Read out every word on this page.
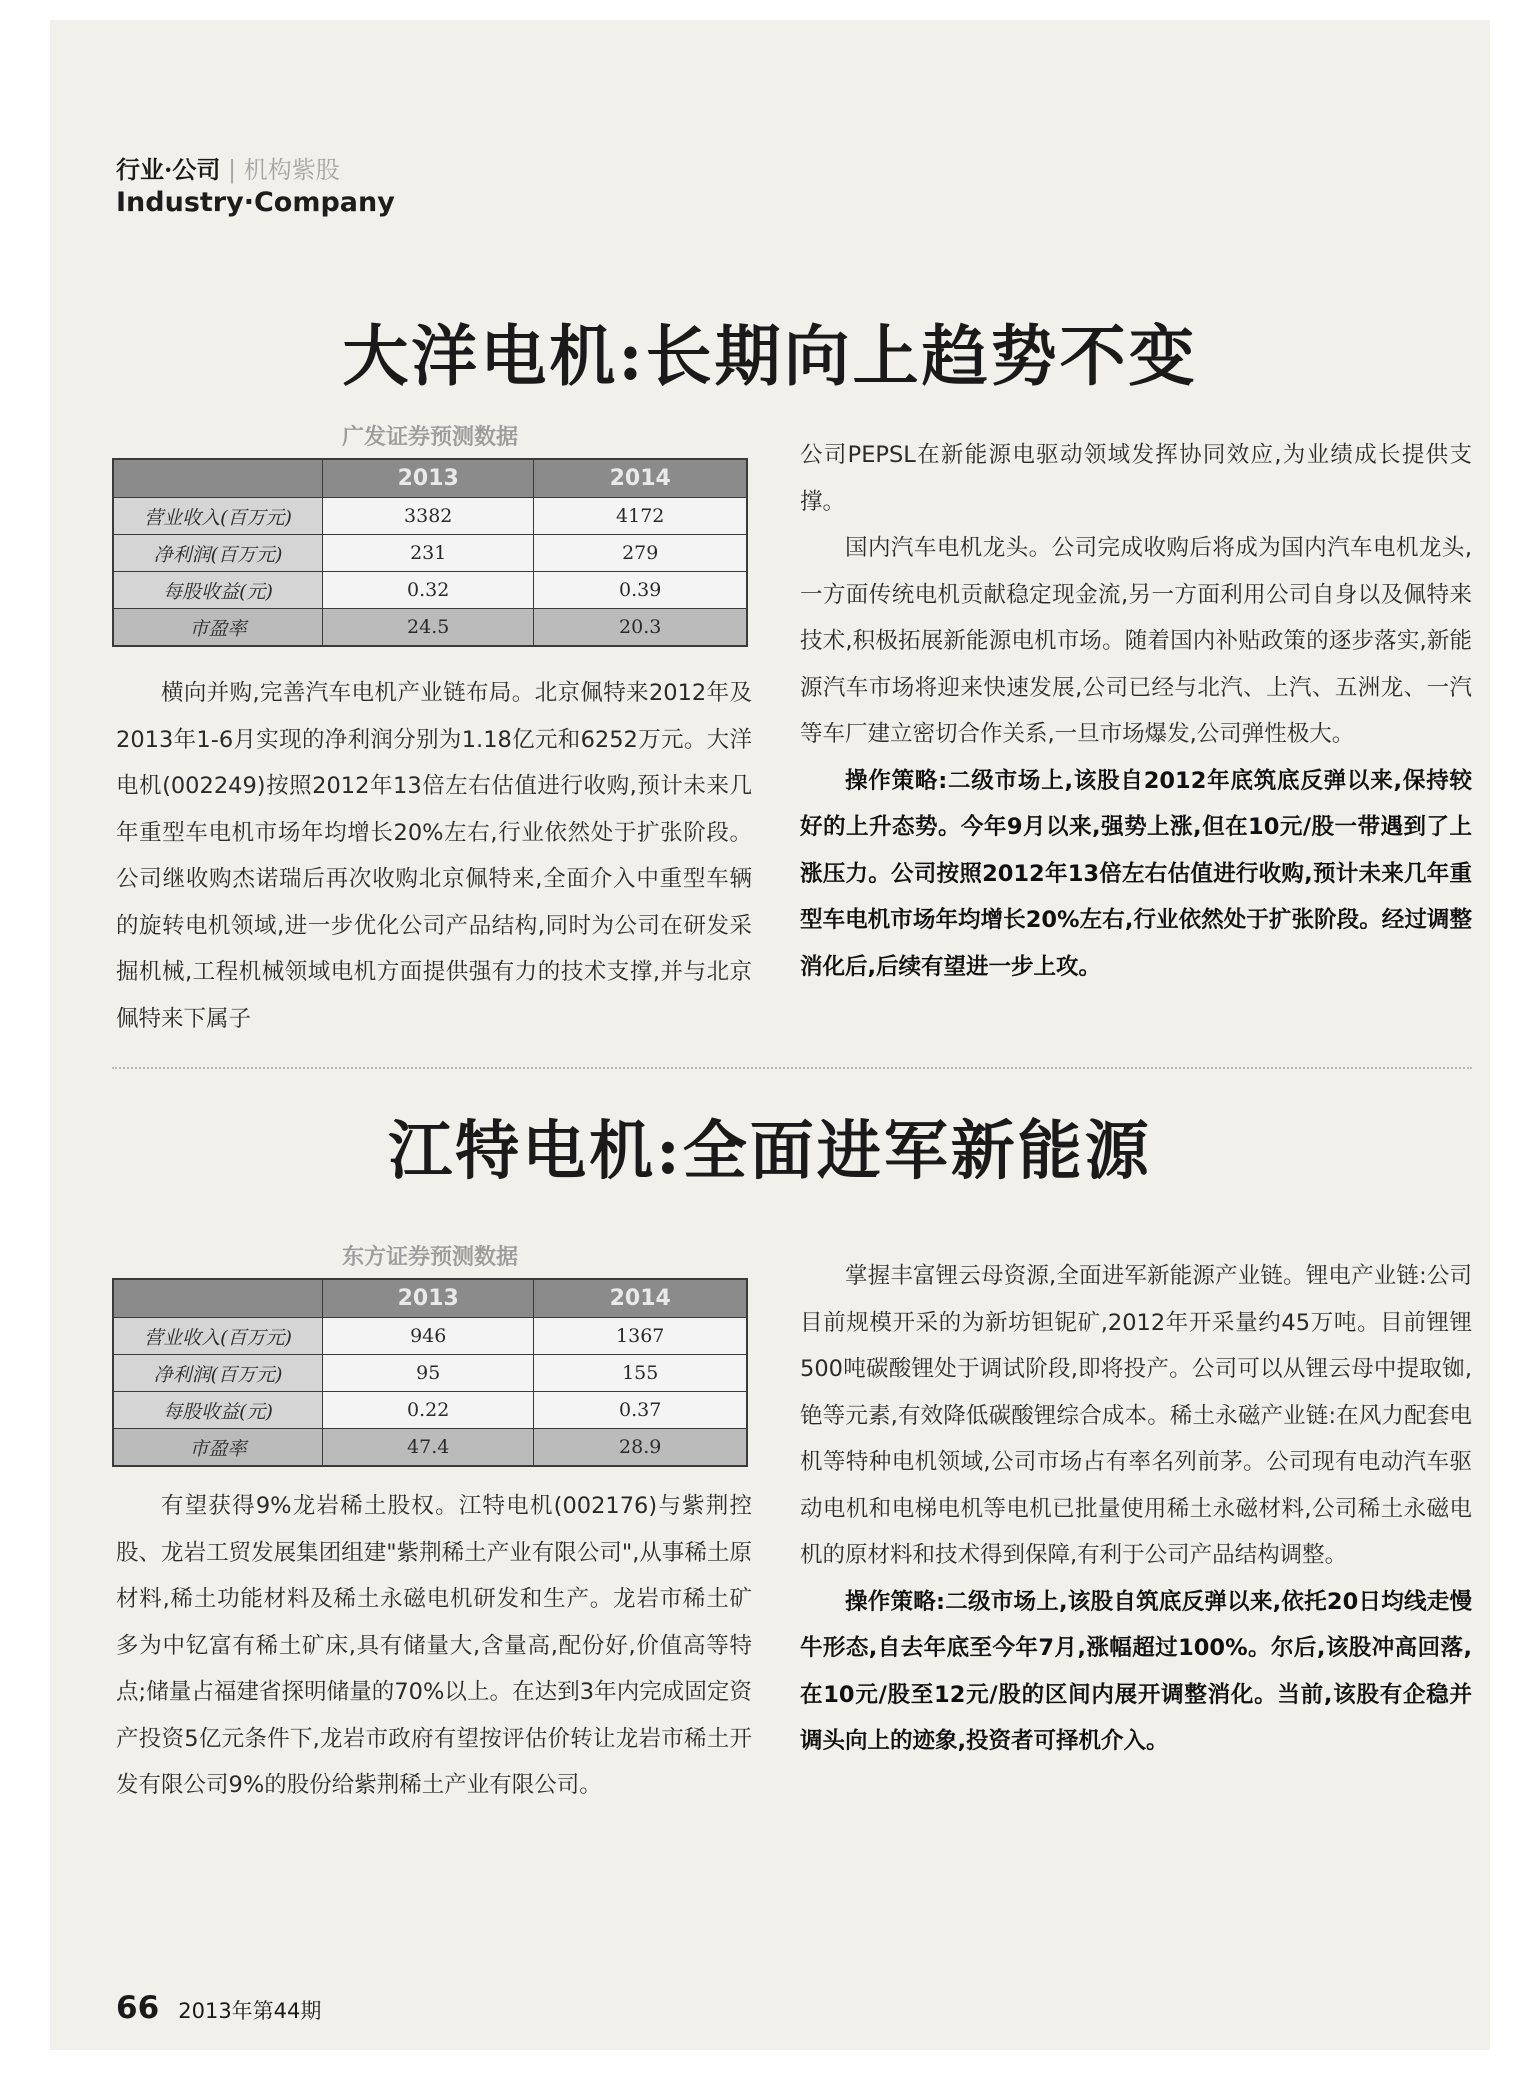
行业·公司 | 机构紫股
Industry·Company
大洋电机:长期向上趋势不变
广发证券预测数据
	2013	2014
营业收入(百万元)	3382	4172
净利润(百万元)	231	279
每股收益(元)	0.32	0.39
市盈率	24.5	20.3

横向并购,完善汽车电机产业链布局。北京佩特来2012年及2013年1-6月实现的净利润分别为1.18亿元和6252万元。大洋电机(002249)按照2012年13倍左右估值进行收购,预计未来几年重型车电机市场年均增长20%左右,行业依然处于扩张阶段。公司继收购杰诺瑞后再次收购北京佩特来,全面介入中重型车辆的旋转电机领域,进一步优化公司产品结构,同时为公司在研发采掘机械,工程机械领域电机方面提供强有力的技术支撑,并与北京佩特来下属子

公司PEPSL在新能源电驱动领域发挥协同效应,为业绩成长提供支撑。

国内汽车电机龙头。公司完成收购后将成为国内汽车电机龙头,一方面传统电机贡献稳定现金流,另一方面利用公司自身以及佩特来技术,积极拓展新能源电机市场。随着国内补贴政策的逐步落实,新能源汽车市场将迎来快速发展,公司已经与北汽、上汽、五洲龙、一汽等车厂建立密切合作关系,一旦市场爆发,公司弹性极大。

操作策略:二级市场上,该股自2012年底筑底反弹以来,保持较好的上升态势。今年9月以来,强势上涨,但在10元/股一带遇到了上涨压力。公司按照2012年13倍左右估值进行收购,预计未来几年重型车电机市场年均增长20%左右,行业依然处于扩张阶段。经过调整消化后,后续有望进一步上攻。

江特电机:全面进军新能源
东方证券预测数据
	2013	2014
营业收入(百万元)	946	1367
净利润(百万元)	95	155
每股收益(元)	0.22	0.37
市盈率	47.4	28.9

有望获得9%龙岩稀土股权。江特电机(002176)与紫荆控股、龙岩工贸发展集团组建"紫荆稀土产业有限公司",从事稀土原材料,稀土功能材料及稀土永磁电机研发和生产。龙岩市稀土矿多为中钇富有稀土矿床,具有储量大,含量高,配份好,价值高等特点;储量占福建省探明储量的70%以上。在达到3年内完成固定资产投资5亿元条件下,龙岩市政府有望按评估价转让龙岩市稀土开发有限公司9%的股份给紫荆稀土产业有限公司。

掌握丰富锂云母资源,全面进军新能源产业链。锂电产业链:公司目前规模开采的为新坊钽铌矿,2012年开采量约45万吨。目前锂锂500吨碳酸锂处于调试阶段,即将投产。公司可以从锂云母中提取铷,铯等元素,有效降低碳酸锂综合成本。稀土永磁产业链:在风力配套电机等特种电机领域,公司市场占有率名列前茅。公司现有电动汽车驱动电机和电梯电机等电机已批量使用稀土永磁材料,公司稀土永磁电机的原材料和技术得到保障,有利于公司产品结构调整。

操作策略:二级市场上,该股自筑底反弹以来,依托20日均线走慢牛形态,自去年底至今年7月,涨幅超过100%。尔后,该股冲高回落,在10元/股至12元/股的区间内展开调整消化。当前,该股有企稳并调头向上的迹象,投资者可择机介入。

66 2013年第44期
